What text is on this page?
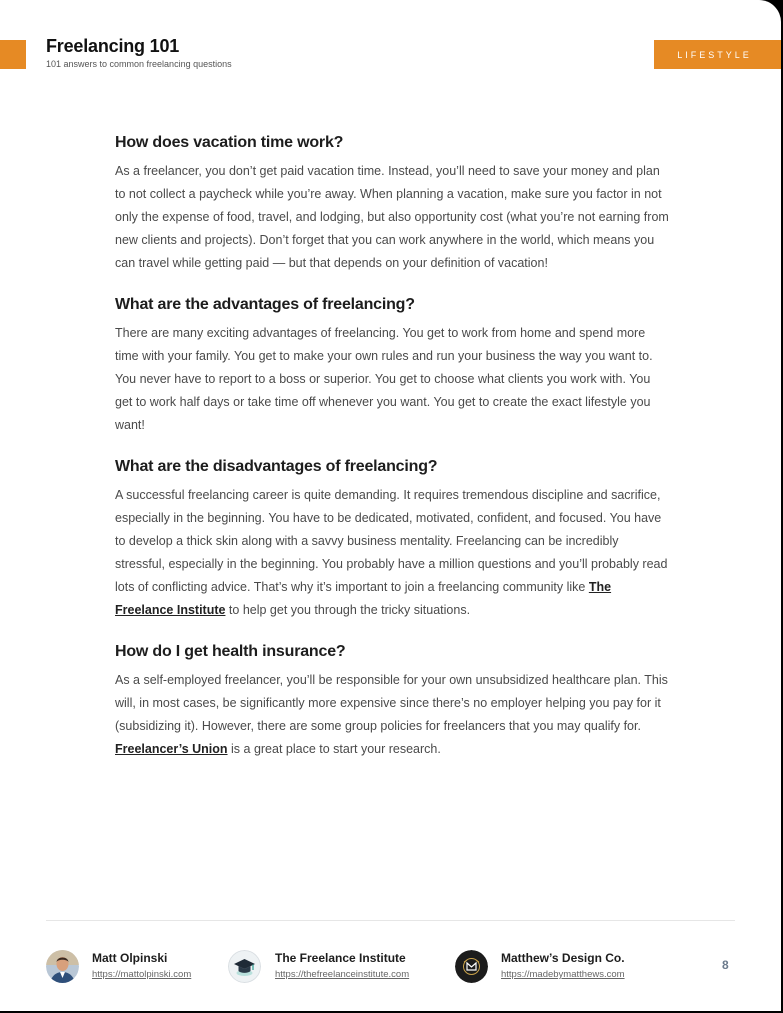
Freelancing 101
101 answers to common freelancing questions
LIFESTYLE
How does vacation time work?

As a freelancer, you don’t get paid vacation time. Instead, you’ll need to save your money and plan to not collect a paycheck while you’re away. When planning a vacation, make sure you factor in not only the expense of food, travel, and lodging, but also opportunity cost (what you’re not earning from new clients and projects). Don’t forget that you can work anywhere in the world, which means you can travel while getting paid — but that depends on your definition of vacation!

What are the advantages of freelancing?

There are many exciting advantages of freelancing. You get to work from home and spend more time with your family. You get to make your own rules and run your business the way you want to. You never have to report to a boss or superior. You get to choose what clients you work with. You get to work half days or take time off whenever you want. You get to create the exact lifestyle you want!

What are the disadvantages of freelancing?

A successful freelancing career is quite demanding. It requires tremendous discipline and sacrifice, especially in the beginning. You have to be dedicated, motivated, confident, and focused. You have to develop a thick skin along with a savvy business mentality. Freelancing can be incredibly stressful, especially in the beginning. You probably have a million questions and you’ll probably read lots of conflicting advice. That’s why it’s important to join a freelancing community like The Freelance Institute to help get you through the tricky situations.

How do I get health insurance?

As a self-employed freelancer, you’ll be responsible for your own unsubsidized healthcare plan. This will, in most cases, be significantly more expensive since there’s no employer helping you pay for it (subsidizing it). However, there are some group policies for freelancers that you may qualify for. Freelancer’s Union is a great place to start your research.

Matt Olpinski
https://mattolpinski.com
The Freelance Institute
https://thefreelanceinstitute.com
Matthew’s Design Co.
https://madebymatthews.com
8
